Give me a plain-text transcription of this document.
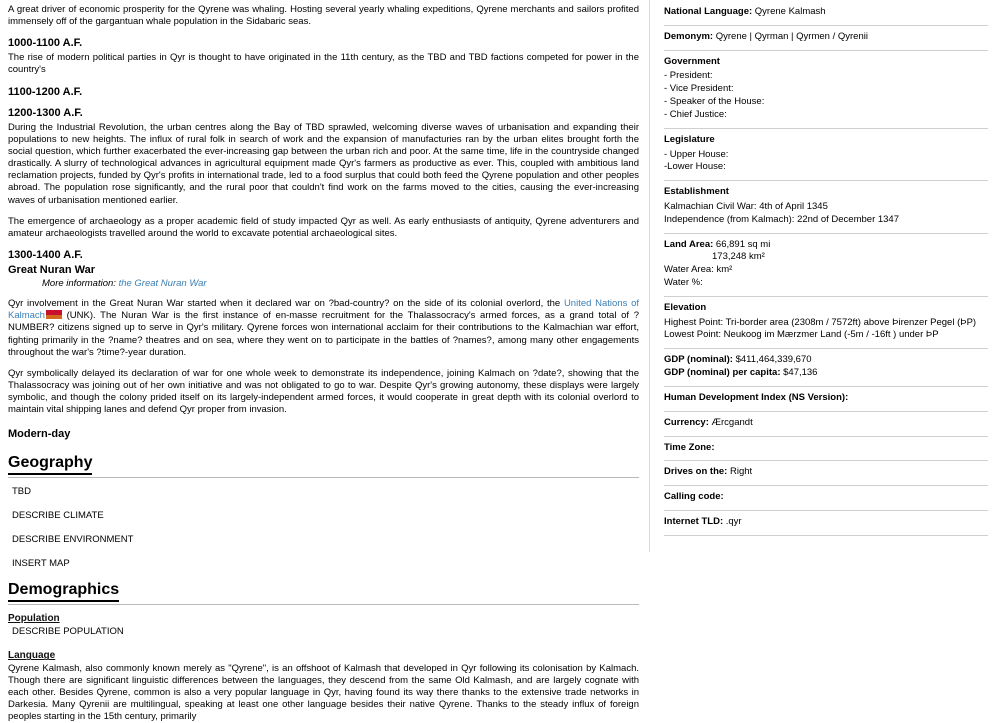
A great driver of economic prosperity for the Qyrene was whaling. Hosting several yearly whaling expeditions, Qyrene merchants and sailors profited immensely off of the gargantuan whale population in the Sidabaric seas.

1000-1100 A.F.

The rise of modern political parties in Qyr is thought to have originated in the 11th century, as the TBD and TBD factions competed for power in the country's

1100-1200 A.F.
1200-1300 A.F.

During the Industrial Revolution, the urban centres along the Bay of TBD sprawled, welcoming diverse waves of urbanisation and expanding their populations to new heights. The influx of rural folk in search of work and the expansion of manufacturies ran by the urban elites brought forth the social question, which further exacerbated the ever-increasing gap between the urban rich and poor. At the same time, life in the countryside changed drastically. A slurry of technological advances in agricultural equipment made Qyr's farmers as productive as ever. This, coupled with ambitious land reclamation projects, funded by Qyr's profits in international trade, led to a food surplus that could both feed the Qyrene population and other peoples abroad. The population rose significantly, and the rural poor that couldn't find work on the farms moved to the cities, causing the ever-increasing waves of urbanisation mentioned earlier.

The emergence of archaeology as a proper academic field of study impacted Qyr as well. As early enthusiasts of antiquity, Qyrene adventurers and amateur archaeologists travelled around the world to excavate potential archaeological sites.

1300-1400 A.F.
Great Nuran War
More information: the Great Nuran War

Qyr involvement in the Great Nuran War started when it declared war on ?bad-country? on the side of its colonial overlord, the United Nations of Kalmach (UNK). The Nuran War is the first instance of en-masse recruitment for the Thalassocracy's armed forces, as a grand total of ?NUMBER? citizens signed up to serve in Qyr's military. Qyrene forces won international acclaim for their contributions to the Kalmachian war effort, fighting primarily in the ?name? theatres and on sea, where they went on to participate in the battles of ?names?, among many other engagements throughout the war's ?time?-year duration.

Qyr symbolically delayed its declaration of war for one whole week to demonstrate its independence, joining Kalmach on ?date?, showing that the Thalassocracy was joining out of her own initiative and was not obligated to go to war. Despite Qyr's growing autonomy, these displays were largely symbolic, and though the colony prided itself on its largely-independent armed forces, it would cooperate in great depth with its colonial overlord to maintain vital shipping lanes and defend Qyr proper from invasion.

Modern-day
Geography
TBD
DESCRIBE CLIMATE
DESCRIBE ENVIRONMENT
INSERT MAP
Demographics
Population
DESCRIBE POPULATION
Language

Qyrene Kalmash, also commonly known merely as "Qyrene", is an offshoot of Kalmash that developed in Qyr following its colonisation by Kalmach. Though there are significant linguistic differences between the languages, they descend from the same Old Kalmash, and are largely cognate with each other. Besides Qyrene, common is also a very popular language in Qyr, having found its way there thanks to the extensive trade networks in Darkesia. Many Qyrenii are multilingual, speaking at least one other language besides their native Qyrene. Thanks to the steady influx of foreign peoples starting in the 15th century, primarily

National Language: Qyrene Kalmash
Demonym: Qyrene | Qyrman | Qyrmen / Qyrenii
Government
- President:
- Vice President:
- Speaker of the House:
- Chief Justice:
Legislature
- Upper House:
-Lower House:
Establishment
Kalmachian Civil War: 4th of April 1345
Independence (from Kalmach): 22nd of December 1347
Land Area: 66,891 sq mi
173,248 km²
Water Area: km²
Water %:
Elevation
Highest Point: Tri-border area (2308m / 7572ft) above Þirenzer Pegel (ÞP)
Lowest Point: Neukoog im Mærzmer Land (-5m / -16ft ) under ÞP
GDP (nominal): $411,464,339,670
GDP (nominal) per capita: $47,136
Human Development Index (NS Version):
Currency: Ærcgandt
Time Zone:
Drives on the: Right
Calling code:
Internet TLD: .qyr
